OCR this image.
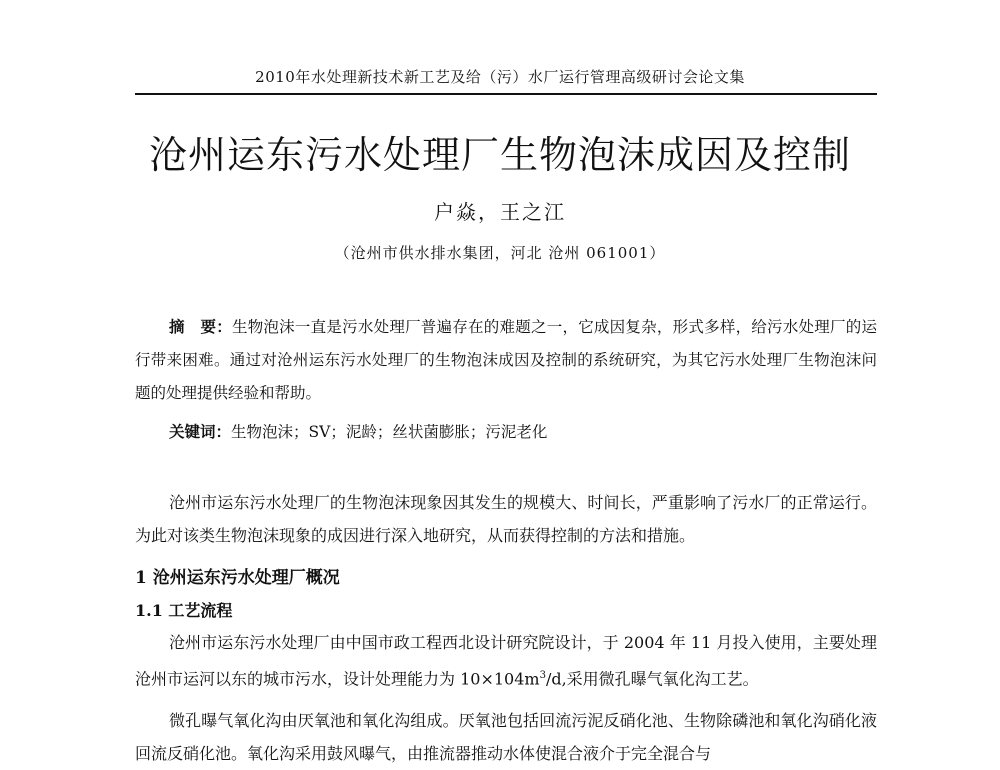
2010年水处理新技术新工艺及给（污）水厂运行管理高级研讨会论文集
沧州运东污水处理厂生物泡沫成因及控制
户焱，王之江
（沧州市供水排水集团，河北 沧州 061001）

摘　要：生物泡沫一直是污水处理厂普遍存在的难题之一，它成因复杂，形式多样，给污水处理厂的运行带来困难。通过对沧州运东污水处理厂的生物泡沫成因及控制的系统研究，为其它污水处理厂生物泡沫问题的处理提供经验和帮助。

关键词：生物泡沫；SV；泥龄；丝状菌膨胀；污泥老化

沧州市运东污水处理厂的生物泡沫现象因其发生的规模大、时间长，严重影响了污水厂的正常运行。为此对该类生物泡沫现象的成因进行深入地研究，从而获得控制的方法和措施。

1 沧州运东污水处理厂概况
1.1 工艺流程

沧州市运东污水处理厂由中国市政工程西北设计研究院设计，于 2004 年 11 月投入使用，主要处理沧州市运河以东的城市污水，设计处理能力为 $10\times 104m^3/d$,采用微孔曝气氧化沟工艺。

微孔曝气氧化沟由厌氧池和氧化沟组成。厌氧池包括回流污泥反硝化池、生物除磷池和氧化沟硝化液回流反硝化池。氧化沟采用鼓风曝气，由推流器推动水体使混合液介于完全混合与
